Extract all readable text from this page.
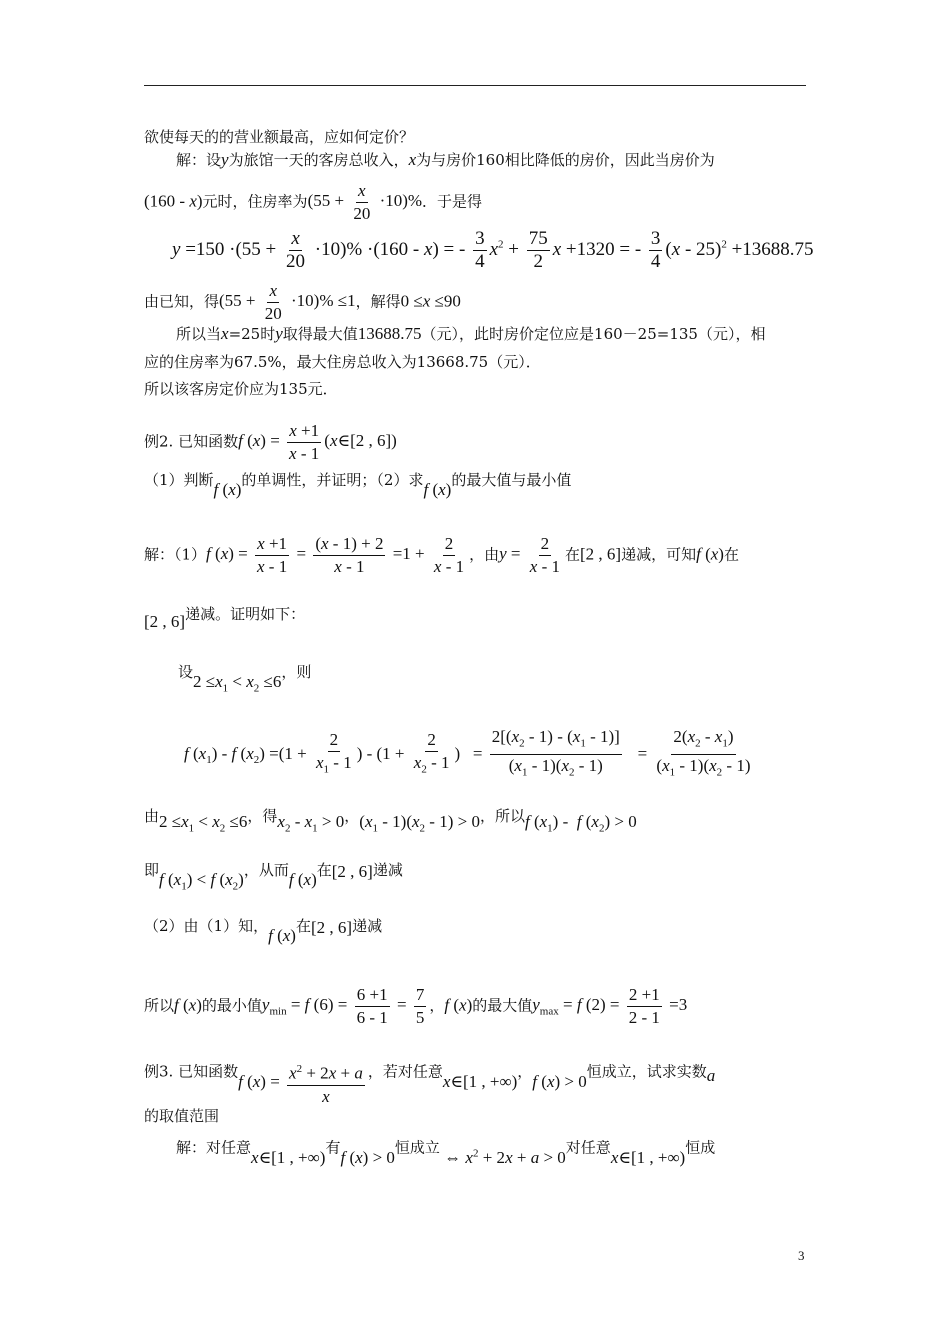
欲使每天的的营业额最高，应如何定价？
解：设y为旅馆一天的客房总收入，x为与房价160相比降低的房价，因此当房价为
(160 - x)元时，住房率为$(55 + \frac{x}{20} \cdot 10)\%$．于是得
$y =150 \cdot(55 + \frac{x}{20} \cdot 10)\% \cdot(160 - x)$ = - $\frac{3}{4} x^2 + \frac{75}{2}$ x +1320 = - $\frac{3}{4} (x - 25)^2 +13688.75$
由已知，得$(55 + \frac{x}{20} \cdot 10)\% \le 1$，解得0 ≤x ≤90
所以当x=25时y取得最大值13688.75（元），此时房价定位应是160－25=135（元），相
应的住房率为67.5%，最大住房总收入为13668.75（元）．
所以该客房定价应为135元．
例2. 已知函数f $(x) = \frac{x +1}{x - 1}$ (x∈[2 , 6])
（1）判断f (x)的单调性，并证明；（2）求f (x)的最大值与最小值
解：（1）f $(x) = \frac{x +1}{x - 1} = \frac{(x - 1) + 2}{x - 1} =1 + \frac{2}{x - 1}$ ，由$y = \frac{2}{x - 1}$ 在[2 , 6]递减，可知f (x)在
[2 , 6]递减。证明如下：
设$2 \le x_1 < x_2 \le 6$，则
f $(x_1)$ - f $(x_2) =(1 + \frac{2}{x_1 - 1}$ ) - ($1 + \frac{2}{x_2 - 1}$ )   = $\frac{2[(x_2 - 1) - (x_1 - 1)]}{(x_1 - 1)(x_2 - 1)} = \frac{2(x_2 - x_1)}{(x_1 - 1)(x_2 - 1)}$
由$2 \le x_1 < x_2 \le 6$，得$x_2 - x_1 > 0$，$(x_1 - 1)(x_2 - 1) > 0$，所以f $(x_1)$ -  f $(x_2) > 0$
即f $(x_1) < f$ $(x_2)$，从而f (x)在[2 , 6]递减
（2）由（1）知，f (x)在[2 , 6]递减
所以f (x)的最小值$y_{min} = f$ $(6) = \frac{6 +1}{6 - 1} = \frac{7}{5}$ ，f (x)的最大值$y_{max} = f$ $(2) = \frac{2 +1}{2 - 1} =3$
例3. 已知函数f $(x) = \frac{x^2 + 2x + a}{x}$ ，若对任意x∈[1 , +∞)，f (x) > 0恒成立，试求实数a
的取值范围
解：对任意x∈[1 , +∞)有f (x) > 0恒成立 ⇔ $x^2 + 2x + a > 0$对任意x∈[1 , +∞)恒成
3
